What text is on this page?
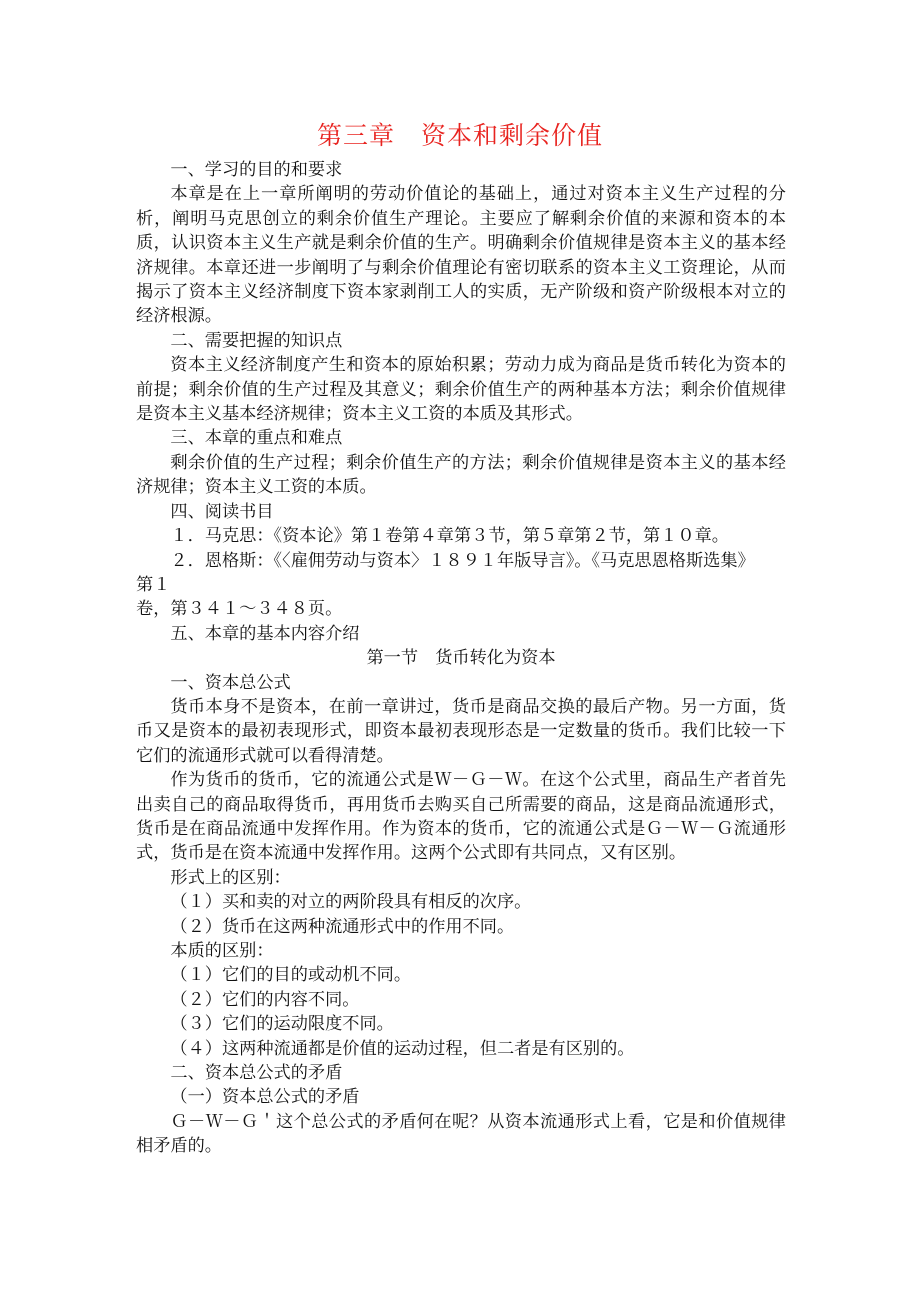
第三章　资本和剩余价值

一、学习的目的和要求

本章是在上一章所阐明的劳动价值论的基础上，通过对资本主义生产过程的分析，阐明马克思创立的剩余价值生产理论。主要应了解剩余价值的来源和资本的本质，认识资本主义生产就是剩余价值的生产。明确剩余价值规律是资本主义的基本经济规律。本章还进一步阐明了与剩余价值理论有密切联系的资本主义工资理论，从而揭示了资本主义经济制度下资本家剥削工人的实质，无产阶级和资产阶级根本对立的经济根源。

二、需要把握的知识点

资本主义经济制度产生和资本的原始积累；劳动力成为商品是货币转化为资本的前提；剩余价值的生产过程及其意义；剩余价值生产的两种基本方法；剩余价值规律是资本主义基本经济规律；资本主义工资的本质及其形式。

三、本章的重点和难点

剩余价值的生产过程；剩余价值生产的方法；剩余价值规律是资本主义的基本经济规律；资本主义工资的本质。

四、阅读书目

１．马克思：《资本论》第１卷第４章第３节，第５章第２节，第１０章。

２．恩格斯：《〈雇佣劳动与资本〉１８９１年版导言》。《马克思恩格斯选集》

第１

卷，第３４１～３４８页。

五、本章的基本内容介绍

第一节　货币转化为资本

一、资本总公式

货币本身不是资本，在前一章讲过，货币是商品交换的最后产物。另一方面，货币又是资本的最初表现形式，即资本最初表现形态是一定数量的货币。我们比较一下它们的流通形式就可以看得清楚。

作为货币的货币，它的流通公式是Ｗ－Ｇ－Ｗ。在这个公式里，商品生产者首先出卖自己的商品取得货币，再用货币去购买自己所需要的商品，这是商品流通形式，货币是在商品流通中发挥作用。作为资本的货币，它的流通公式是Ｇ－Ｗ－Ｇ流通形式，货币是在资本流通中发挥作用。这两个公式即有共同点，又有区别。

形式上的区别：

（１）买和卖的对立的两阶段具有相反的次序。

（２）货币在这两种流通形式中的作用不同。

本质的区别：

（１）它们的目的或动机不同。

（２）它们的内容不同。

（３）它们的运动限度不同。

（４）这两种流通都是价值的运动过程，但二者是有区别的。

二、资本总公式的矛盾

（一）资本总公式的矛盾

Ｇ－Ｗ－Ｇ＇这个总公式的矛盾何在呢？从资本流通形式上看，它是和价值规律相矛盾的。
